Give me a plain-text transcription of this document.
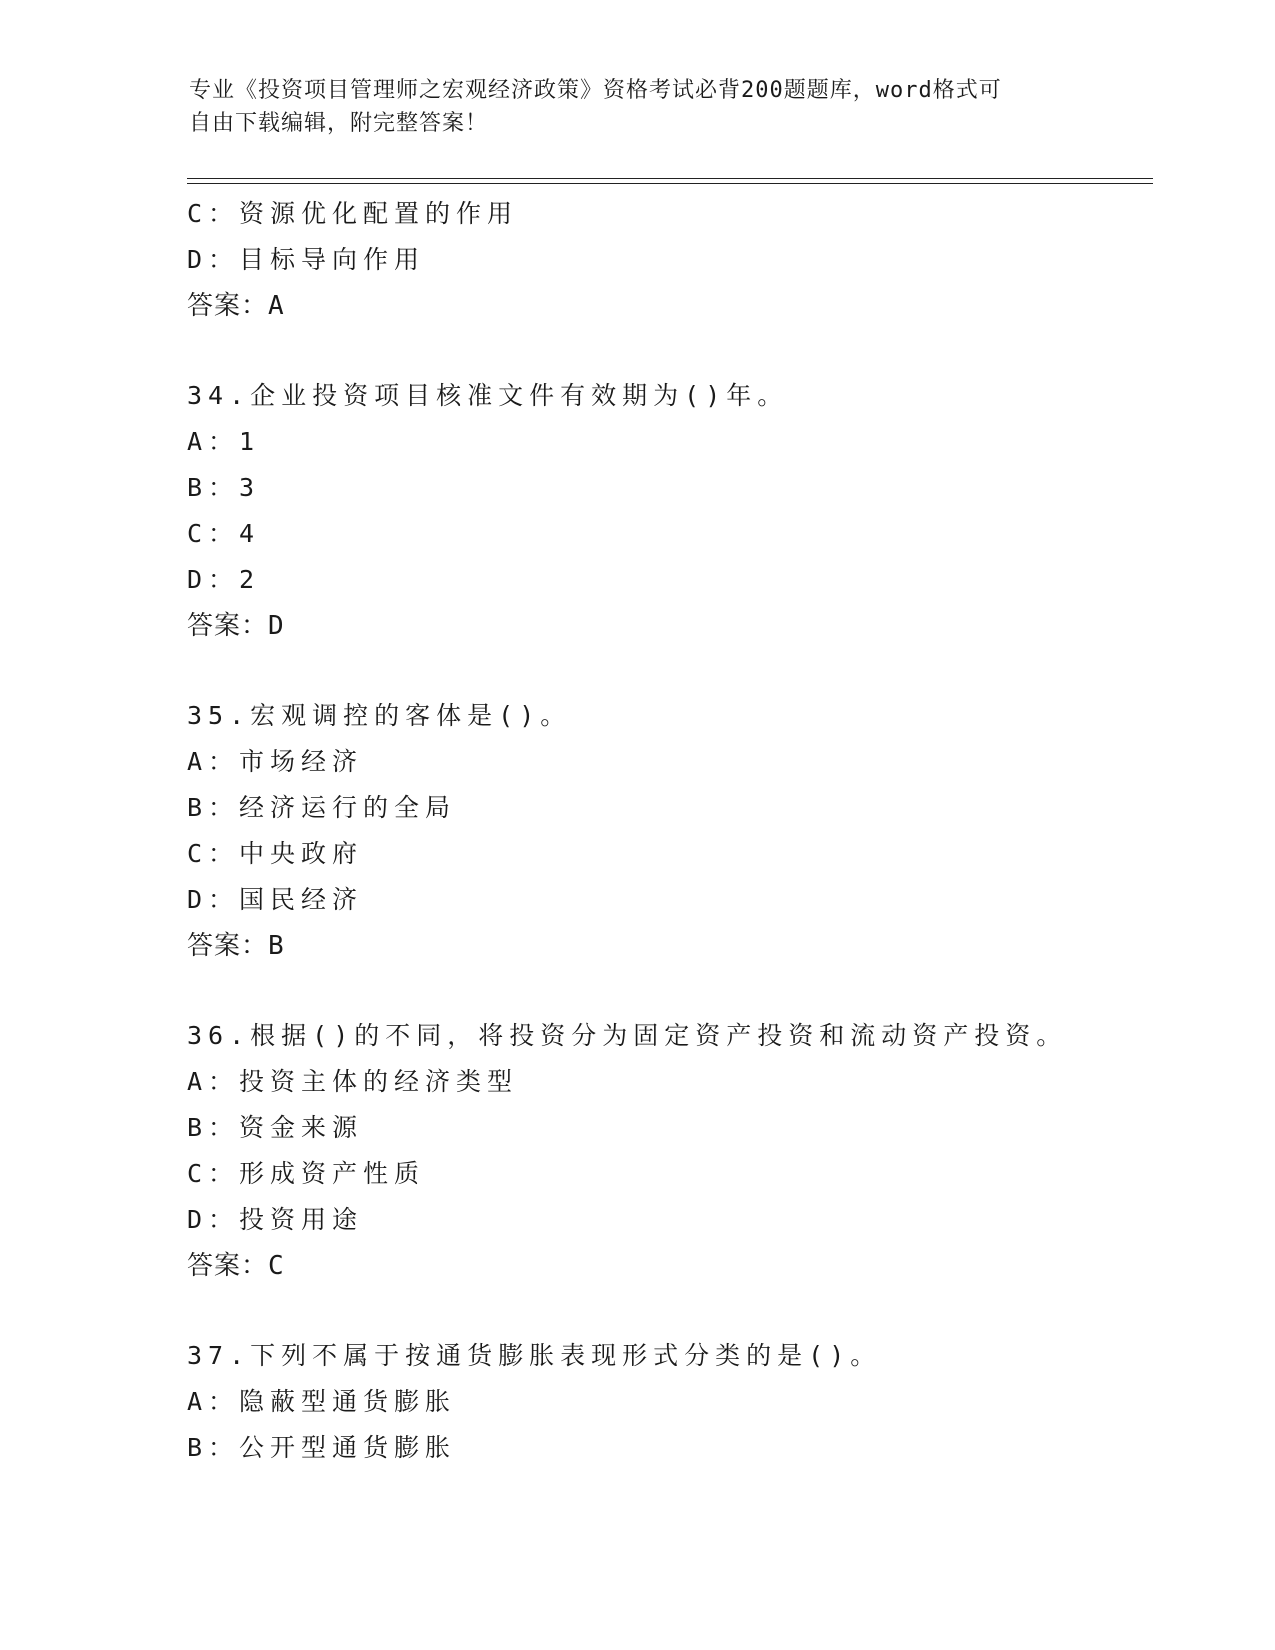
专业《投资项目管理师之宏观经济政策》资格考试必背200题题库，word格式可
自由下载编辑，附完整答案！
C：资源优化配置的作用
D：目标导向作用
答案：A
34.企业投资项目核准文件有效期为()年。
A：1
B：3
C：4
D：2
答案：D
35.宏观调控的客体是()。
A：市场经济
B：经济运行的全局
C：中央政府
D：国民经济
答案：B
36.根据()的不同，将投资分为固定资产投资和流动资产投资。
A：投资主体的经济类型
B：资金来源
C：形成资产性质
D：投资用途
答案：C
37.下列不属于按通货膨胀表现形式分类的是()。
A：隐蔽型通货膨胀
B：公开型通货膨胀
